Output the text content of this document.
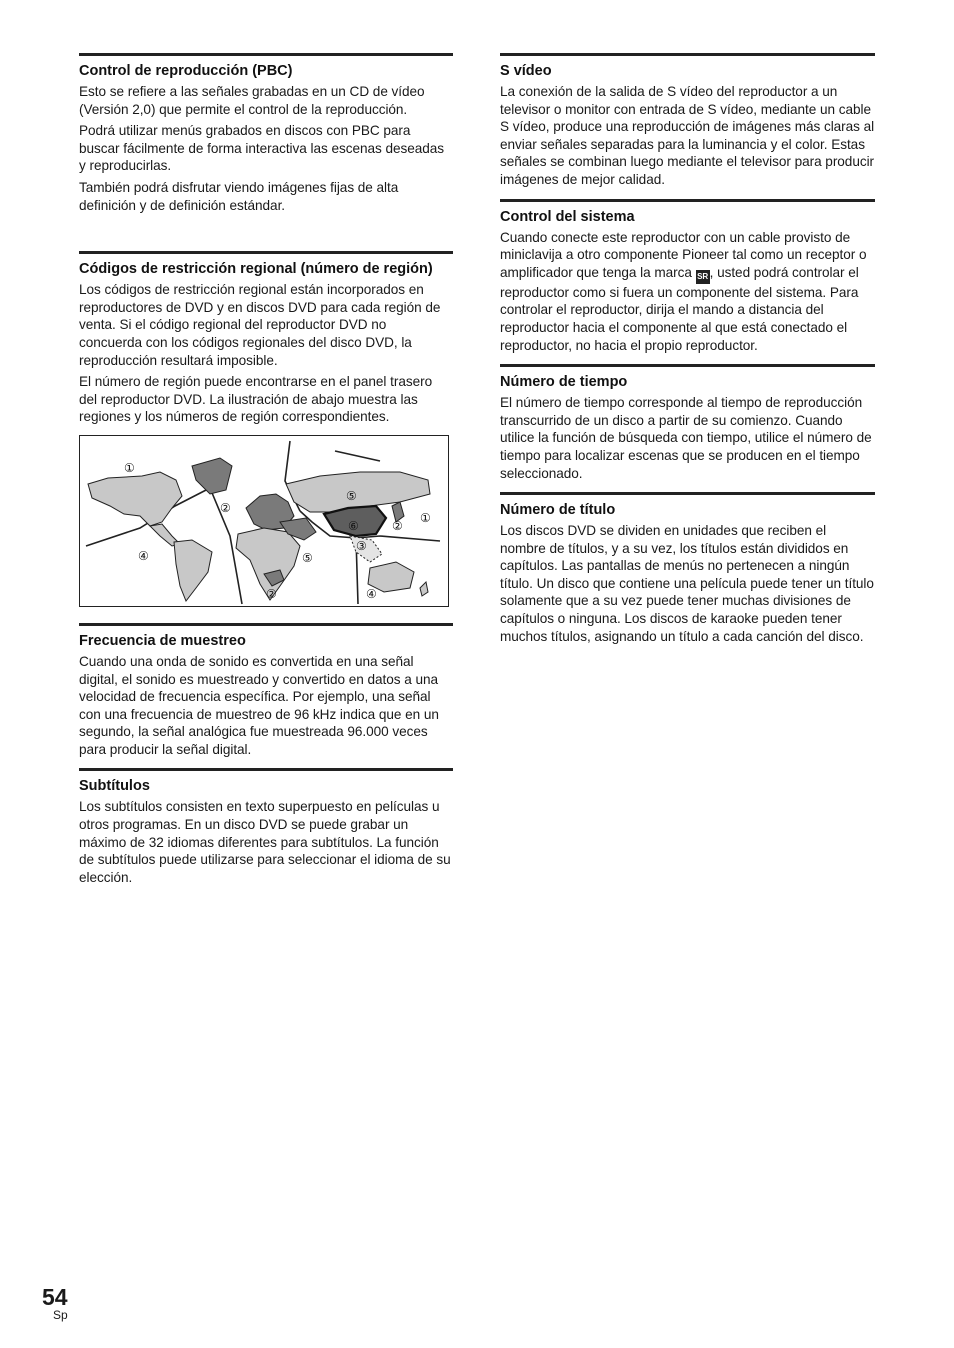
Control de reproducción (PBC)

Esto se refiere a las señales grabadas en un CD de vídeo (Versión 2,0) que permite el control de la reproducción.

Podrá utilizar menús grabados en discos con PBC para buscar fácilmente de forma interactiva las escenas deseadas y reproducirlas.

También podrá disfrutar viendo imágenes fijas de alta definición y de definición estándar.

Códigos de restricción regional (número de región)

Los códigos de restricción regional están incorporados en reproductores de DVD y en discos DVD para cada región de venta. Si el código regional del reproductor DVD no concuerda con los códigos regionales del disco DVD, la reproducción resultará imposible.

El número de región puede encontrarse en el panel trasero del reproductor DVD. La ilustración de abajo muestra las regiones y los números de región correspondientes.

①
②
④
⑤
⑥	②
①
③
⑤
②	④
Frecuencia de muestreo

Cuando una onda de sonido es convertida en una señal digital, el sonido es muestreado y convertido en datos a una velocidad de frecuencia específica. Por ejemplo, una señal con una frecuencia de muestreo de 96 kHz indica que en un segundo, la señal analógica fue muestreada 96.000 veces para producir la señal digital.

Subtítulos

Los subtítulos consisten en texto superpuesto en películas u otros programas. En un disco DVD se puede grabar un máximo de 32 idiomas diferentes para subtítulos. La función de subtítulos puede utilizarse para seleccionar el idioma de su elección.

S vídeo

La conexión de la salida de S vídeo del reproductor a un televisor o monitor con entrada de S vídeo, mediante un cable S vídeo, produce una reproducción de imágenes más claras al enviar señales separadas para la luminancia y el color. Estas señales se combinan luego mediante el televisor para producir imágenes de mejor calidad.

Control del sistema

Cuando conecte este reproductor con un cable provisto de miniclavija a otro componente Pioneer tal como un receptor o amplificador que tenga la marca SR , usted podrá controlar el reproductor como si fuera un componente del sistema. Para controlar el reproductor, dirija el mando a distancia del reproductor hacia el componente al que está conectado el reproductor, no hacia el propio reproductor.

Número de tiempo

El número de tiempo corresponde al tiempo de reproducción transcurrido de un disco a partir de su comienzo. Cuando utilice la función de búsqueda con tiempo, utilice el número de tiempo para localizar escenas que se producen en el tiempo seleccionado.

Número de título

Los discos DVD se dividen en unidades que reciben el nombre de títulos, y a su vez, los títulos están divididos en capítulos. Las pantallas de menús no pertenecen a ningún título. Un disco que contiene una película puede tener un título solamente que a su vez puede tener muchas divisiones de capítulos o ninguna. Los discos de karaoke pueden tener muchos títulos, asignando un título a cada canción del disco.

54
Sp
